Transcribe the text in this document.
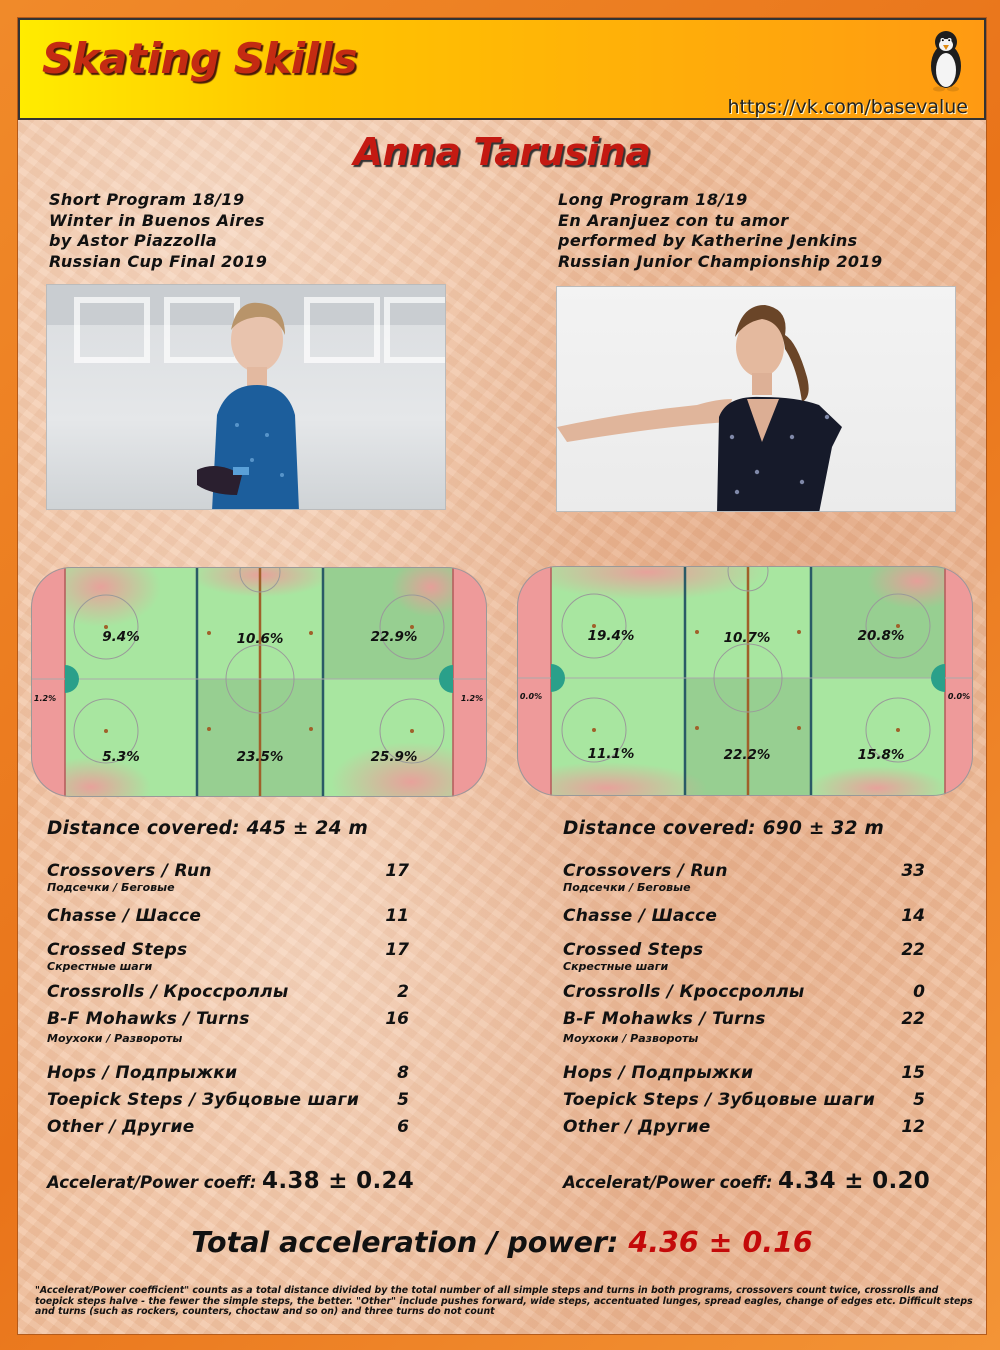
Skating Skills
https://vk.com/basevalue
Anna Tarusina
Short Program 18/19
Winter in Buenos Aires
by Astor Piazzolla
Russian Cup Final 2019
Long Program 18/19
En Aranjuez con tu amor
performed by Katherine Jenkins
Russian Junior Championship 2019
9.4%	10.6%	22.9%
5.3%	23.5%	25.9%
1.2%	1.2%
19.4%	10.7%	20.8%
11.1%	22.2%	15.8%
0.0%	0.0%
Distance covered: 445 ± 24 m	Distance covered: 690 ± 32 m
Crossovers / Run	17
Подсечки / Беговые
Chasse / Шассе	11
Crossed Steps	17
Скрестные шаги
Crossrolls / Кроссроллы	2
B-F Mohawks / Turns	16
Моухоки / Развороты
Hops / Подпрыжки	8
Toepick Steps / Зубцовые шаги 5
Other / Другие	6
Crossovers / Run	33
Подсечки / Беговые
Chasse / Шассе	14
Crossed Steps	22
Скрестные шаги
Crossrolls / Кроссроллы	0
B-F Mohawks / Turns	22
Моухоки / Развороты
Hops / Подпрыжки	15
Toepick Steps / Зубцовые шаги 5
Other / Другие	12
Accelerat/Power coeff: 4.38 ± 0.24	Accelerat/Power coeff: 4.34 ± 0.20
Total acceleration / power: 4.36 ± 0.16
"Accelerat/Power coefficient" counts as a total distance divided by the total number of all simple steps and turns in both programs, crossovers count twice, crossrolls and toepick steps halve - the fewer the simple steps, the better. "Other" include pushes forward, wide steps, accentuated lunges, spread eagles, change of edges etc. Difficult steps and turns (such as rockers, counters, choctaw and so on) and three turns do not count
